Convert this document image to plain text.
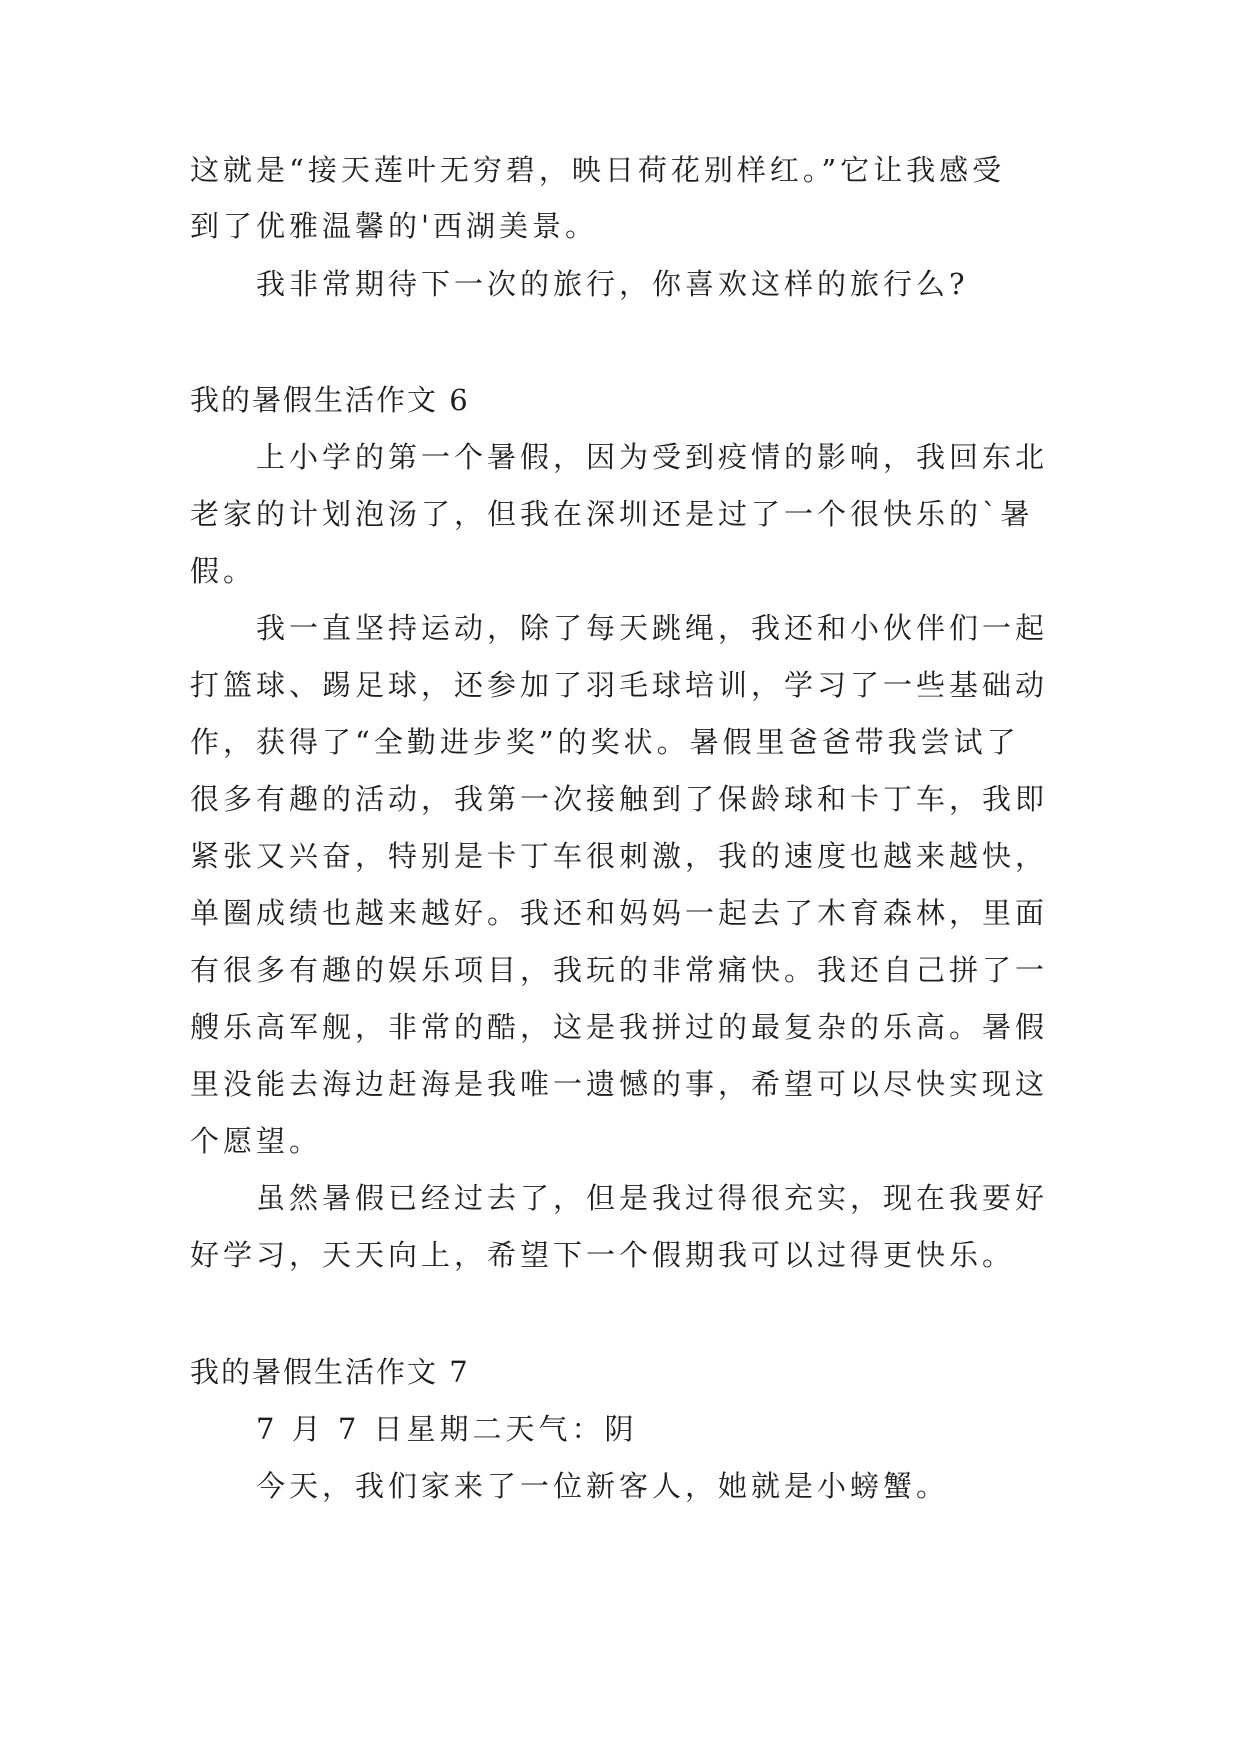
这就是“接天莲叶无穷碧，映日荷花别样红。”它让我感受
到了优雅温馨的'西湖美景。
我非常期待下一次的旅行，你喜欢这样的旅行么?
我的暑假生活作文 6
上小学的第一个暑假，因为受到疫情的影响，我回东北
老家的计划泡汤了，但我在深圳还是过了一个很快乐的`暑
假。
我一直坚持运动，除了每天跳绳，我还和小伙伴们一起
打篮球、踢足球，还参加了羽毛球培训，学习了一些基础动
作，获得了“全勤进步奖”的奖状。暑假里爸爸带我尝试了
很多有趣的活动，我第一次接触到了保龄球和卡丁车，我即
紧张又兴奋，特别是卡丁车很刺激，我的速度也越来越快，
单圈成绩也越来越好。我还和妈妈一起去了木育森林，里面
有很多有趣的娱乐项目，我玩的非常痛快。我还自己拼了一
艘乐高军舰，非常的酷，这是我拼过的最复杂的乐高。暑假
里没能去海边赶海是我唯一遗憾的事，希望可以尽快实现这
个愿望。
虽然暑假已经过去了，但是我过得很充实，现在我要好
好学习，天天向上，希望下一个假期我可以过得更快乐。
我的暑假生活作文 7
7 月 7 日星期二天气：阴
今天，我们家来了一位新客人，她就是小螃蟹。
